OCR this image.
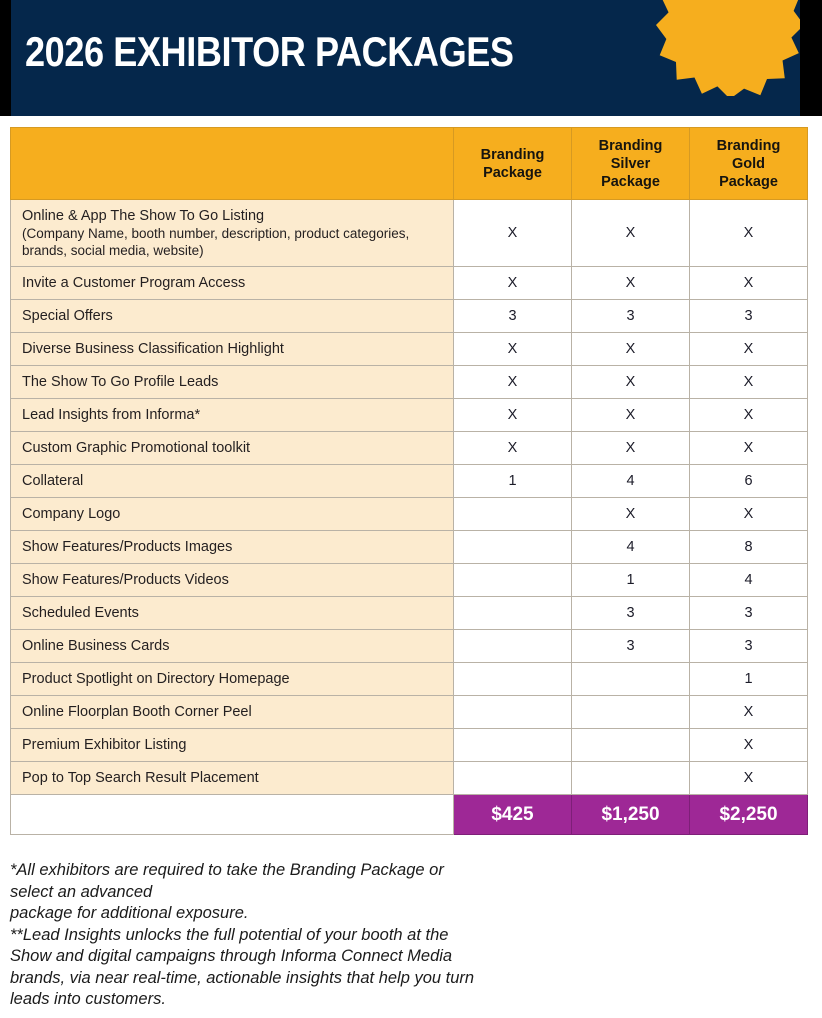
2026 EXHIBITOR PACKAGES
	Branding
Package	Branding
Silver
Package	Branding
Gold
Package
Online & App The Show To Go Listing
(Company Name, booth number, description, product categories, brands, social media, website)	X	X	X
Invite a Customer Program Access	X	X	X
Special Offers	3	3	3
Diverse Business Classification Highlight	X	X	X
The Show To Go Profile Leads	X	X	X
Lead Insights from Informa*	X	X	X
Custom Graphic Promotional toolkit	X	X	X
Collateral	1	4	6
Company Logo		X	X
Show Features/Products Images		4	8
Show Features/Products Videos		1	4
Scheduled Events		3	3
Online Business Cards		3	3
Product Spotlight on Directory Homepage			1
Online Floorplan Booth Corner Peel			X
Premium Exhibitor Listing			X
Pop to Top Search Result Placement			X
	$425	$1,250	$2,250

*All exhibitors are required to take the Branding Package or

select an advanced

package for additional exposure.

**Lead Insights unlocks the full potential of your booth at the

Show and digital campaigns through Informa Connect Media

brands, via near real-time, actionable insights that help you turn

leads into customers.
